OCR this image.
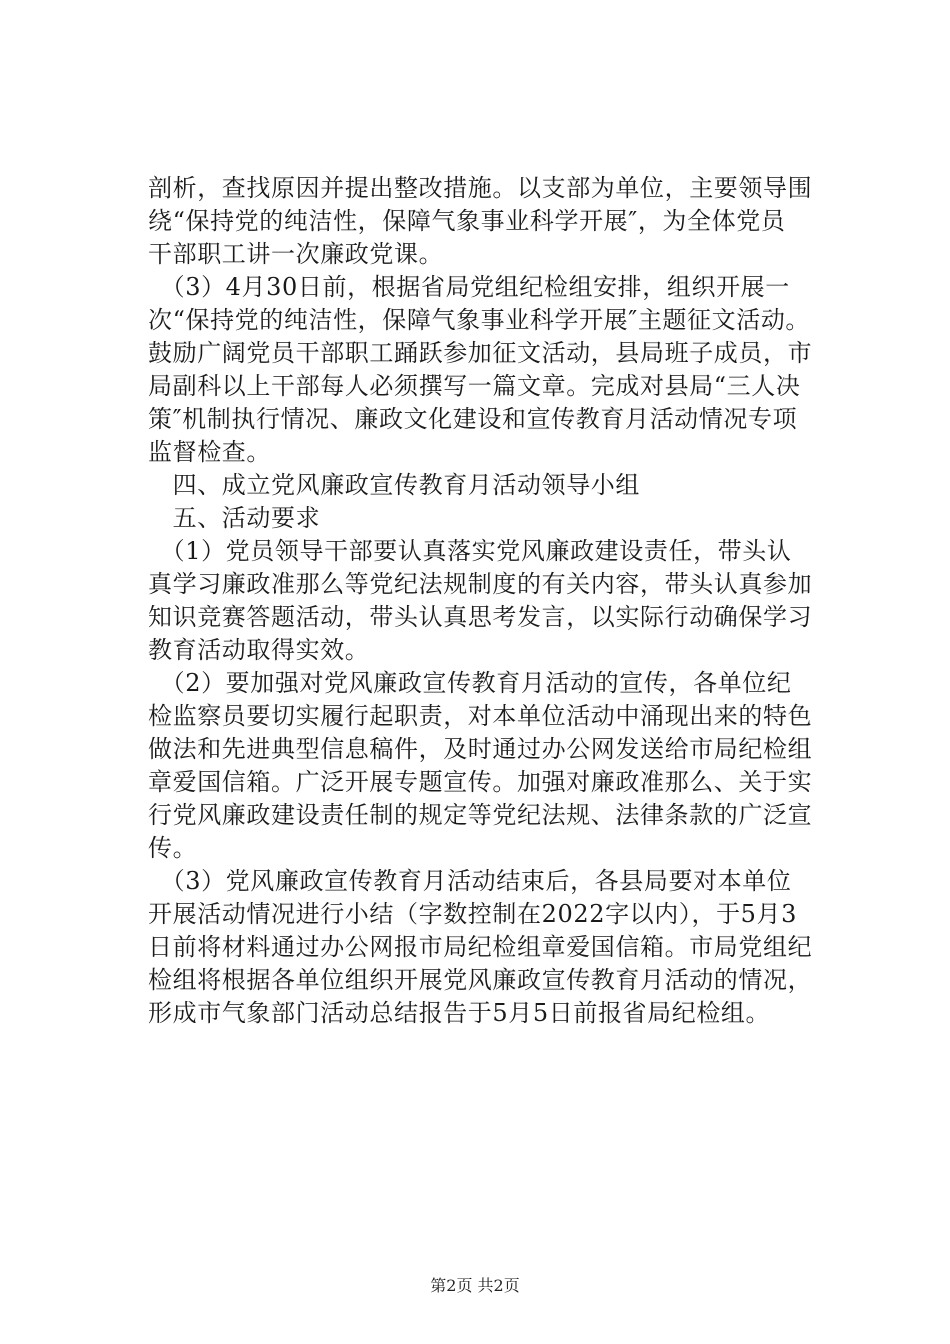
剖析，查找原因并提出整改措施。以支部为单位，主要领导围
绕“保持党的纯洁性，保障气象事业科学开展″，为全体党员
干部职工讲一次廉政党课。
　（3）4月30日前，根据省局党组纪检组安排，组织开展一
次“保持党的纯洁性，保障气象事业科学开展″主题征文活动。
鼓励广阔党员干部职工踊跃参加征文活动，县局班子成员，市
局副科以上干部每人必须撰写一篇文章。完成对县局“三人决
策″机制执行情况、廉政文化建设和宣传教育月活动情况专项
监督检查。
　四、成立党风廉政宣传教育月活动领导小组
　五、活动要求
　（1）党员领导干部要认真落实党风廉政建设责任，带头认
真学习廉政准那么等党纪法规制度的有关内容，带头认真参加
知识竞赛答题活动，带头认真思考发言，以实际行动确保学习
教育活动取得实效。
　（2）要加强对党风廉政宣传教育月活动的宣传，各单位纪
检监察员要切实履行起职责，对本单位活动中涌现出来的特色
做法和先进典型信息稿件，及时通过办公网发送给市局纪检组
章爱国信箱。广泛开展专题宣传。加强对廉政准那么、关于实
行党风廉政建设责任制的规定等党纪法规、法律条款的广泛宣
传。
　（3）党风廉政宣传教育月活动结束后，各县局要对本单位
开展活动情况进行小结（字数控制在2022字以内），于5月3
日前将材料通过办公网报市局纪检组章爱国信箱。市局党组纪
检组将根据各单位组织开展党风廉政宣传教育月活动的情况，
形成市气象部门活动总结报告于5月5日前报省局纪检组。
第2页 共2页
